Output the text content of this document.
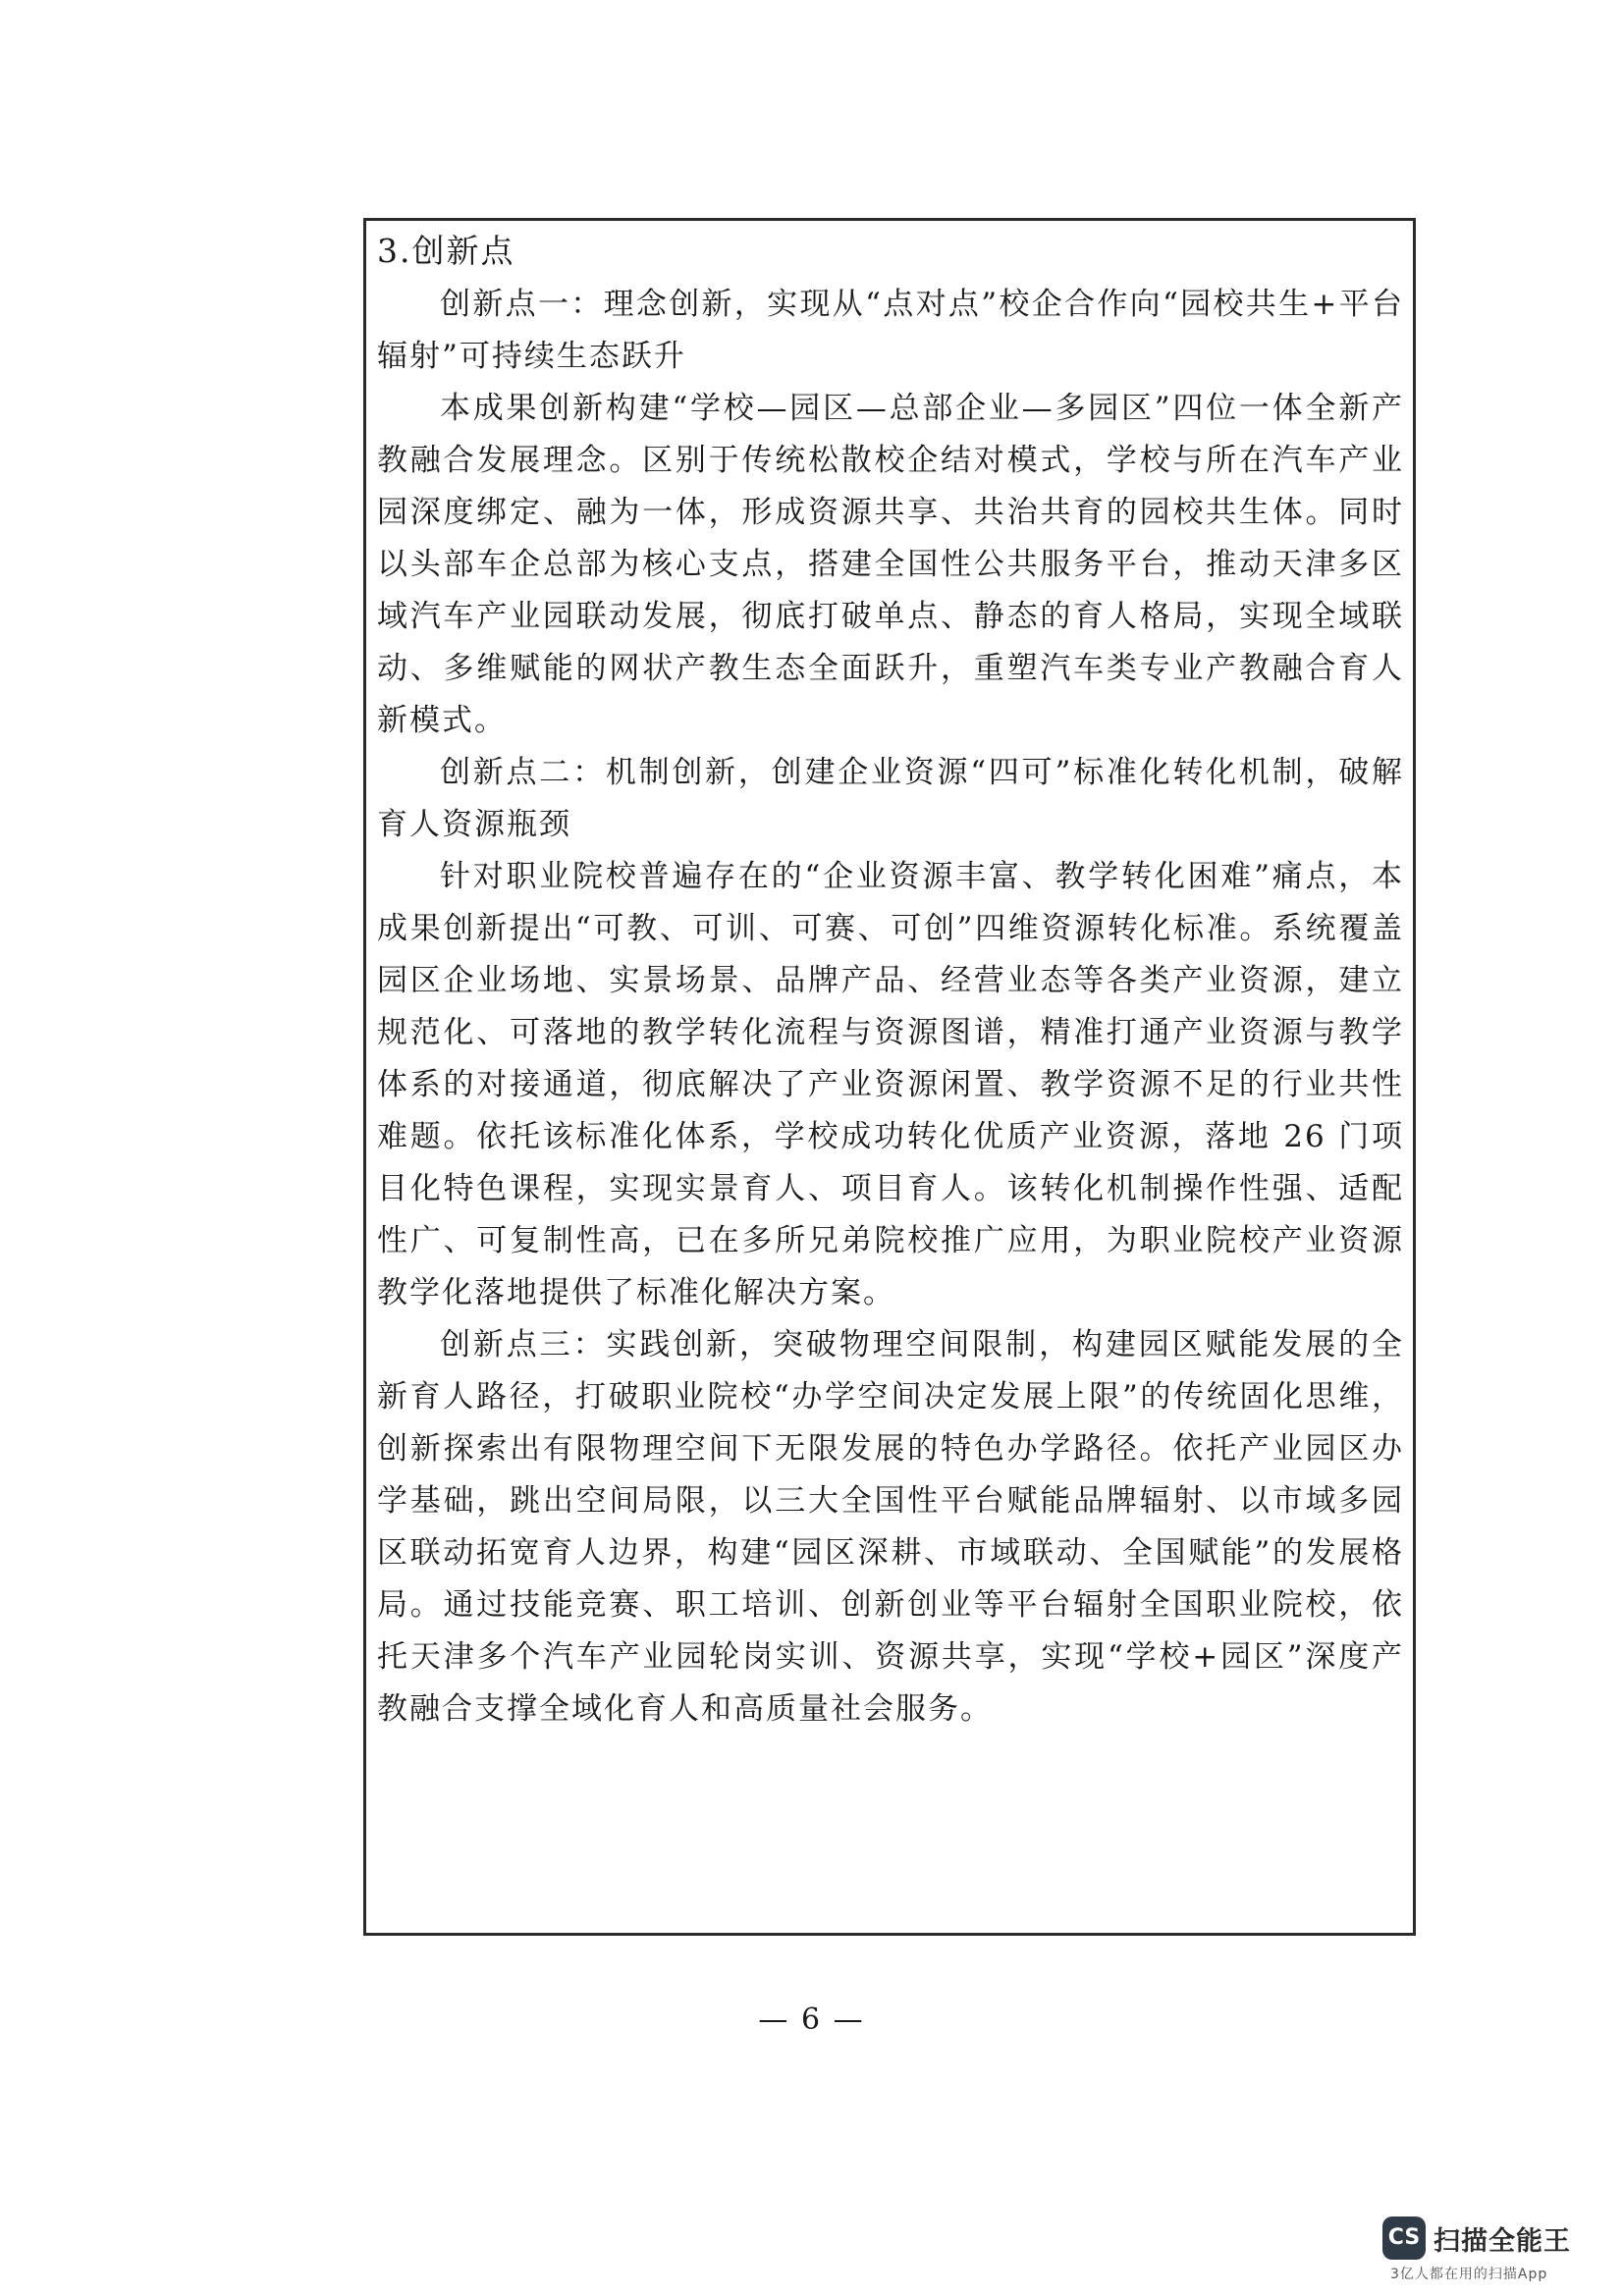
3.创新点

创新点一：理念创新，实现从“点对点”校企合作向“园校共生+平台辐射”可持续生态跃升

本成果创新构建“学校—园区—总部企业—多园区”四位一体全新产教融合发展理念。区别于传统松散校企结对模式，学校与所在汽车产业园深度绑定、融为一体，形成资源共享、共治共育的园校共生体。同时以头部车企总部为核心支点，搭建全国性公共服务平台，推动天津多区域汽车产业园联动发展，彻底打破单点、静态的育人格局，实现全域联动、多维赋能的网状产教生态全面跃升，重塑汽车类专业产教融合育人新模式。

创新点二：机制创新，创建企业资源“四可”标准化转化机制，破解育人资源瓶颈

针对职业院校普遍存在的“企业资源丰富、教学转化困难”痛点，本成果创新提出“可教、可训、可赛、可创”四维资源转化标准。系统覆盖园区企业场地、实景场景、品牌产品、经营业态等各类产业资源，建立规范化、可落地的教学转化流程与资源图谱，精准打通产业资源与教学体系的对接通道，彻底解决了产业资源闲置、教学资源不足的行业共性难题。依托该标准化体系，学校成功转化优质产业资源，落地 26 门项目化特色课程，实现实景育人、项目育人。该转化机制操作性强、适配性广、可复制性高，已在多所兄弟院校推广应用，为职业院校产业资源教学化落地提供了标准化解决方案。

创新点三：实践创新，突破物理空间限制，构建园区赋能发展的全新育人路径，打破职业院校“办学空间决定发展上限”的传统固化思维，创新探索出有限物理空间下无限发展的特色办学路径。依托产业园区办学基础，跳出空间局限，以三大全国性平台赋能品牌辐射、以市域多园区联动拓宽育人边界，构建“园区深耕、市域联动、全国赋能”的发展格局。通过技能竞赛、职工培训、创新创业等平台辐射全国职业院校，依托天津多个汽车产业园轮岗实训、资源共享，实现“学校+园区”深度产教融合支撑全域化育人和高质量社会服务。

— 6 —
CS 扫描全能王
3亿人都在用的扫描App
